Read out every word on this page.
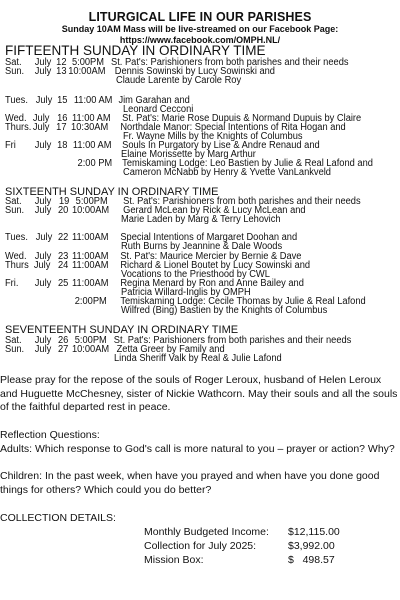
LITURGICAL LIFE IN OUR PARISHES
Sunday 10AM Mass will be live-streamed on our Facebook Page:
https://www.facebook.com/OMPH.NL/
FIFTEENTH SUNDAY IN ORDINARY TIME
Sat. July 12 5:00PM St. Pat's: Parishioners from both parishes and their needs
Sun. July 13 10:00AM Dennis Sowinski by Lucy Sowinski and
Claude Larente by Carole Roy
Tues. July 15 11:00 AM Jim Garahan and
Leonard Cecconi
Wed. July 16 11:00 AM St. Pat's: Marie Rose Dupuis & Normand Dupuis by Claire
Thurs. July 17 10:30AM Northdale Manor: Special Intentions of Rita Hogan and
Fr. Wayne Mills by the Knights of Columbus
Fri July 18 11:00 AM Souls In Purgatory by Lise & Andre Renaud and
Elaine Morissette by Marg Arthur
2:00 PM Temiskaming Lodge: Leo Bastien by Julie & Real Lafond and
Cameron McNabb by Henry & Yvette VanLankveld
SIXTEENTH SUNDAY IN ORDINARY TIME
Sat. July 19 5:00PM St. Pat's: Parishioners from both parishes and their needs
Sun. July 20 10:00AM Gerard McLean by Rick & Lucy McLean and
Marie Laden by Marg & Terry Lehovich
Tues. July 22 11:00AM Special Intentions of Margaret Doohan and
Ruth Burns by Jeannine & Dale Woods
Wed. July 23 11:00AM St. Pat's: Maurice Mercier by Bernie & Dave
Thurs July 24 11:00AM Richard & Lionel Boutet by Lucy Sowinski and
Vocations to the Priesthood by CWL
Fri. July 25 11:00AM Regina Menard by Ron and Anne Bailey and
Patricia Willard-Inglis by OMPH
2:00PM Temiskaming Lodge: Cecile Thomas by Julie & Real Lafond
Wilfred (Bing) Bastien by the Knights of Columbus
SEVENTEENTH SUNDAY IN ORDINARY TIME
Sat. July 26 5:00PM St. Pat's: Parishioners from both parishes and their needs
Sun. July 27 10:00AM Zetta Greer by Family and
Linda Sheriff Valk by Real & Julie Lafond
Please pray for the repose of the souls of Roger Leroux, husband of Helen Leroux and Huguette McChesney, sister of Nickie Wathcorn. May their souls and all the souls of the faithful departed rest in peace.
Reflection Questions:
Adults: Which response to God's call is more natural to you – prayer or action? Why?
Children: In the past week, when have you prayed and when have you done good things for others? Which could you do better?
COLLECTION DETAILS:
Monthly Budgeted Income: $12,115.00
Collection for July 2025:	$3,992.00
Mission Box:	$   498.57
